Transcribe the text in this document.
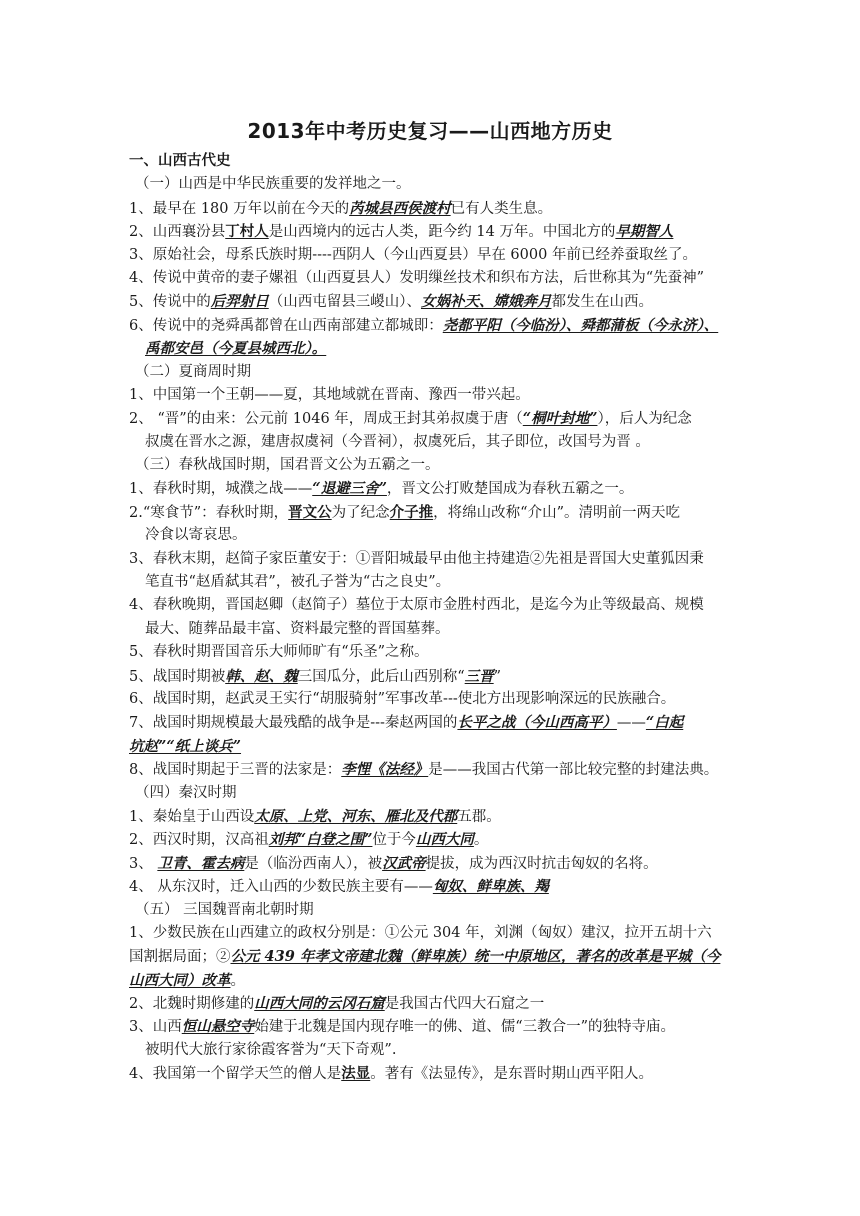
2013年中考历史复习——山西地方历史
一、山西古代史
（一）山西是中华民族重要的发祥地之一。
1、最早在 180 万年以前在今天的芮城县西侯渡村已有人类生息。
2、山西襄汾县丁村人是山西境内的远古人类，距今约 14 万年。中国北方的早期智人
3、原始社会，母系氏族时期----西阴人（今山西夏县）早在 6000 年前已经养蚕取丝了。
4、传说中黄帝的妻子嫘祖（山西夏县人）发明缫丝技术和织布方法，后世称其为“先蚕神”
5、传说中的后羿射日（山西屯留县三嵕山）、女娲补天、嫦娥奔月都发生在山西。
6、传说中的尧舜禹都曾在山西南部建立都城即：尧都平阳（今临汾）、舜都蒲板（今永济）、
禹都安邑（今夏县城西北）。
（二）夏商周时期
1、中国第一个王朝——夏，其地域就在晋南、豫西一带兴起。
2、 “晋”的由来：公元前 1046 年，周成王封其弟叔虞于唐（“桐叶封地”），后人为纪念
叔虞在晋水之源，建唐叔虞祠（今晋祠），叔虞死后，其子即位，改国号为晋 。
（三）春秋战国时期，国君晋文公为五霸之一。
1、春秋时期，城濮之战——“退避三舍”，晋文公打败楚国成为春秋五霸之一。
2.“寒食节”：春秋时期，晋文公为了纪念介子推，将绵山改称“介山”。清明前一两天吃
冷食以寄哀思。
3、春秋末期，赵简子家臣董安于：①晋阳城最早由他主持建造②先祖是晋国大史董狐因秉
笔直书“赵盾弑其君”，被孔子誉为“古之良史”。
4、春秋晚期，晋国赵卿（赵简子）墓位于太原市金胜村西北，是迄今为止等级最高、规模
最大、随葬品最丰富、资料最完整的晋国墓葬。
5、春秋时期晋国音乐大师师旷有“乐圣”之称。
5、战国时期被韩、赵、魏三国瓜分，此后山西别称“三晋”
6、战国时期，赵武灵王实行“胡服骑射”军事改革---使北方出现影响深远的民族融合。
7、战国时期规模最大最残酷的战争是---秦赵两国的长平之战（今山西高平）——“白起
坑赵”“纸上谈兵”
8、战国时期起于三晋的法家是：李悝《法经》是——我国古代第一部比较完整的封建法典。
（四）秦汉时期
1、秦始皇于山西设太原、上党、河东、雁北及代郡五郡。
2、西汉时期，汉高祖刘邦“白登之围”位于今山西大同。
3、 卫青、霍去病是（临汾西南人），被汉武帝提拔，成为西汉时抗击匈奴的名将。
4、 从东汉时，迁入山西的少数民族主要有——匈奴、鲜卑族、羯
（五） 三国魏晋南北朝时期
1、少数民族在山西建立的政权分别是：①公元 304 年，刘渊（匈奴）建汉，拉开五胡十六
国割据局面；②公元 439 年孝文帝建北魏（鲜卑族）统一中原地区，著名的改革是平城（今
山西大同）改革。
2、北魏时期修建的山西大同的云冈石窟是我国古代四大石窟之一
3、山西恒山悬空寺始建于北魏是国内现存唯一的佛、道、儒“三教合一”的独特寺庙。
被明代大旅行家徐霞客誉为“天下奇观”.
4、我国第一个留学天竺的僧人是法显。著有《法显传》，是东晋时期山西平阳人。
